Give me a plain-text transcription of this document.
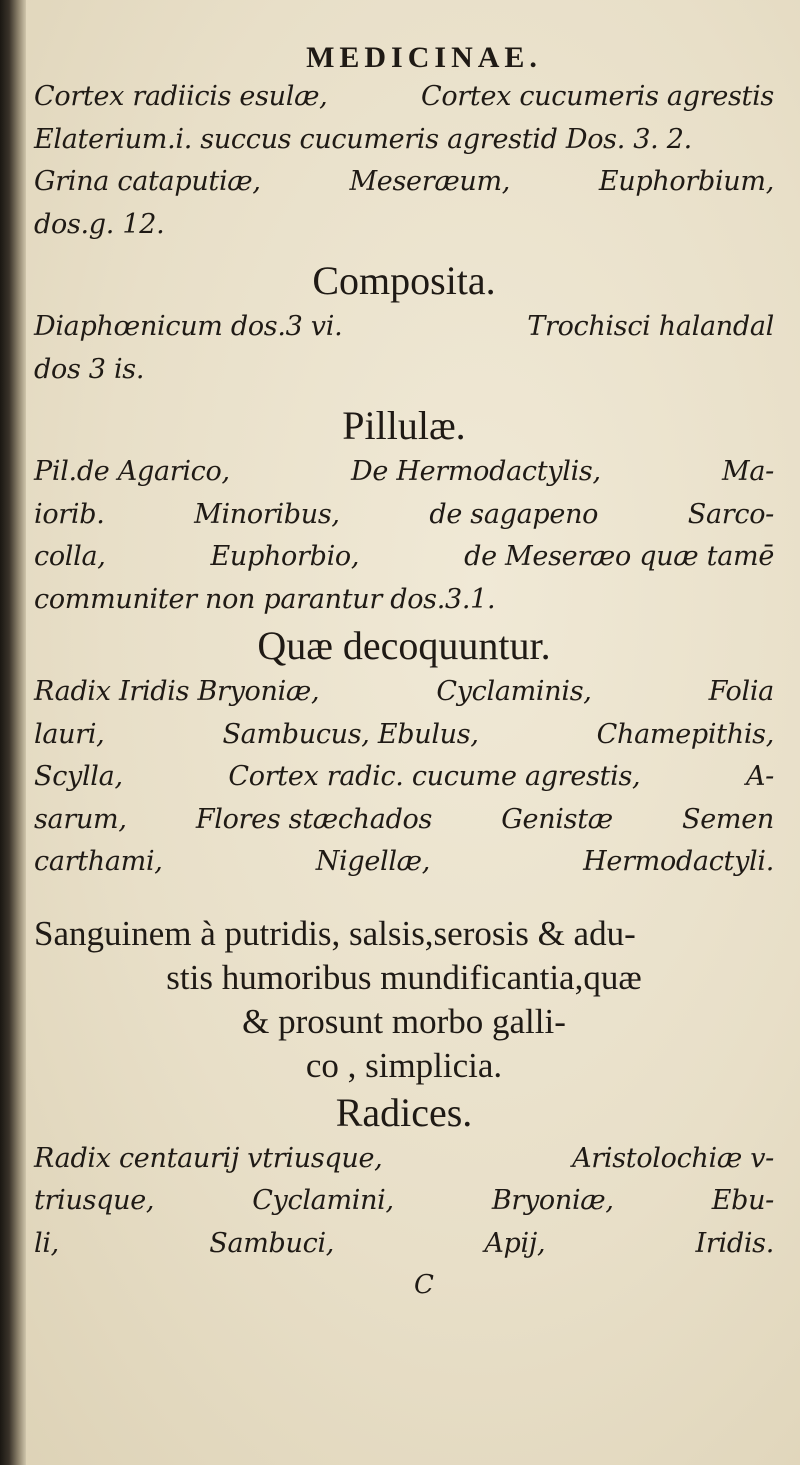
MEDICINAE.
Cortex radiicis esulæ,	Cortex cucumeris agrestis
Elaterium.i. succus cucumeris agrestid Dos. 3. 2.
Grina cataputiæ,	Meseræum,	Euphorbium,
dos.g. 12.
Composita.
Diaphœnicum dos.3 vi.	Trochisci halandal
dos 3 is.
Pillulæ.
Pil.de Agarico,	De Hermodactylis,	Ma-
iorib.	Minoribus,	de sagapeno	Sarco-
colla,	Euphorbio,	de Meseræo quæ tamē
communiter non parantur dos.3.1.
Quæ decoquuntur.
Radix Iridis Bryoniæ,	Cyclaminis,	Folia
lauri,	Sambucus, Ebulus,	Chamepithis,
Scylla,	Cortex radic. cucume agrestis,	A-
sarum,	Flores stæchados	Genistæ	Semen
carthami,	Nigellæ,	Hermodactyli.
Sanguinem à putridis, salsis,serosis & adu-
stis humoribus mundificantia,quæ
& prosunt morbo galli-
co , simplicia.
Radices.
Radix centaurij vtriusque,	Aristolochiæ v-
triusque,	Cyclamini,	Bryoniæ,	Ebu-
li,	Sambuci,	Apij,	Iridis.
C
